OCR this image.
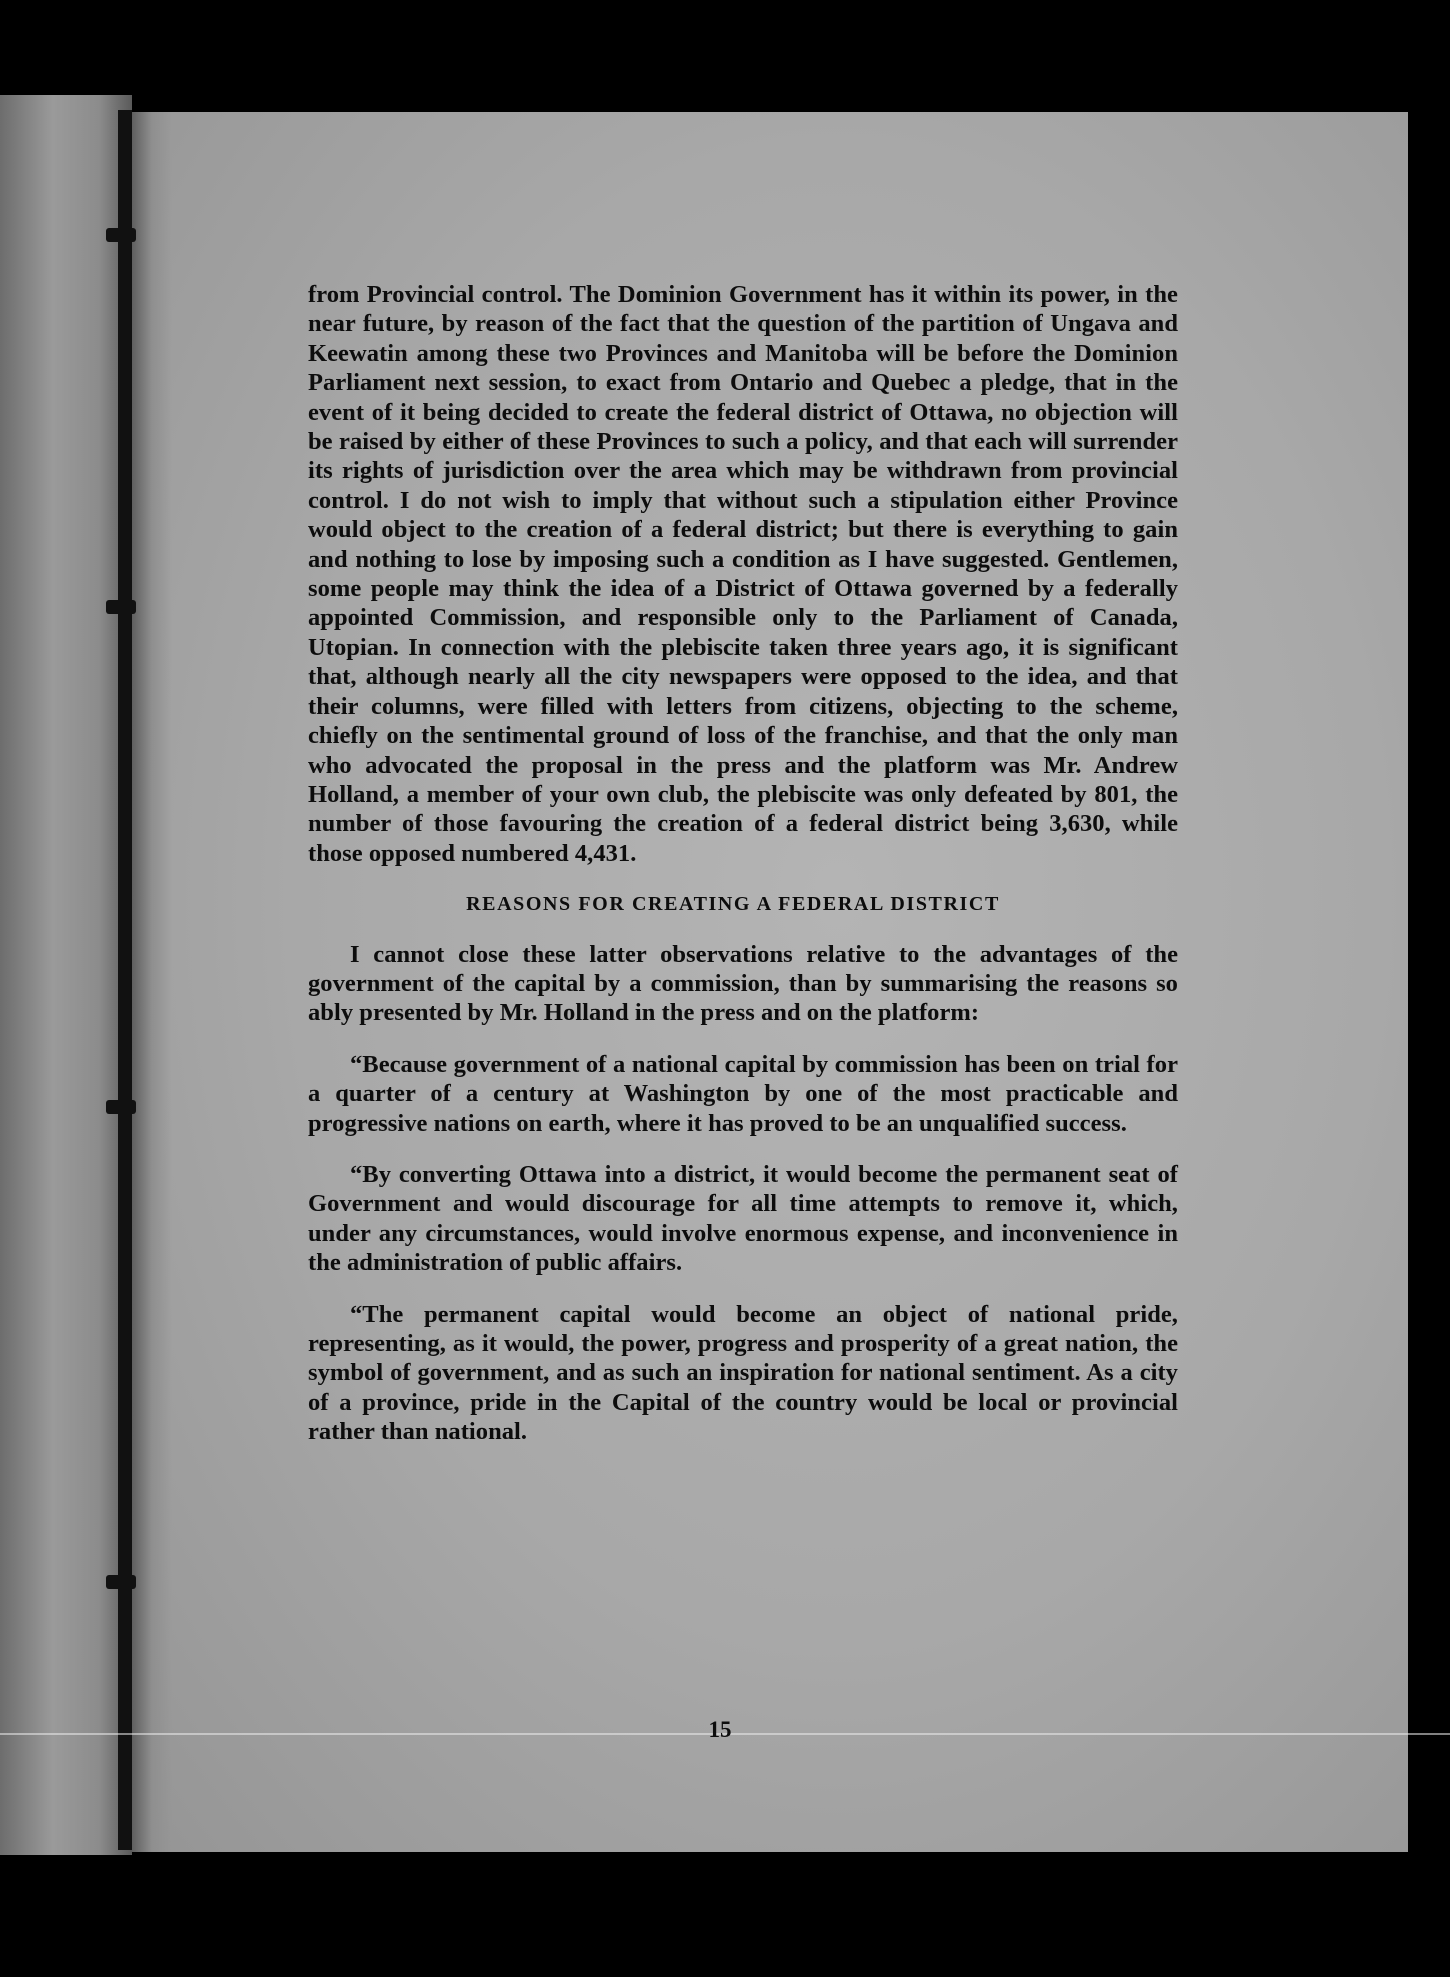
from Provincial control. The Dominion Government has it within its power, in the near future, by reason of the fact that the question of the partition of Ungava and Keewatin among these two Provinces and Manitoba will be before the Dominion Parliament next session, to exact from Ontario and Quebec a pledge, that in the event of it being decided to create the federal district of Ottawa, no objection will be raised by either of these Provinces to such a policy, and that each will surrender its rights of jurisdiction over the area which may be withdrawn from provincial control. I do not wish to imply that without such a stipulation either Province would object to the creation of a federal district; but there is everything to gain and nothing to lose by imposing such a condition as I have suggested. Gentlemen, some people may think the idea of a District of Ottawa governed by a federally appointed Commission, and responsible only to the Parliament of Canada, Utopian. In connection with the plebiscite taken three years ago, it is significant that, although nearly all the city newspapers were opposed to the idea, and that their columns, were filled with letters from citizens, objecting to the scheme, chiefly on the sentimental ground of loss of the franchise, and that the only man who advocated the proposal in the press and the platform was Mr. Andrew Holland, a member of your own club, the plebiscite was only defeated by 801, the number of those favouring the creation of a federal district being 3,630, while those opposed numbered 4,431.

REASONS FOR CREATING A FEDERAL DISTRICT

I cannot close these latter observations relative to the advantages of the government of the capital by a commission, than by summarising the reasons so ably presented by Mr. Holland in the press and on the platform:

“Because government of a national capital by commission has been on trial for a quarter of a century at Washington by one of the most practicable and progressive nations on earth, where it has proved to be an unqualified success.

“By converting Ottawa into a district, it would become the permanent seat of Government and would discourage for all time attempts to remove it, which, under any circumstances, would involve enormous expense, and inconvenience in the administration of public affairs.

“The permanent capital would become an object of national pride, representing, as it would, the power, progress and prosperity of a great nation, the symbol of government, and as such an inspiration for national sentiment. As a city of a province, pride in the Capital of the country would be local or provincial rather than national.

15
